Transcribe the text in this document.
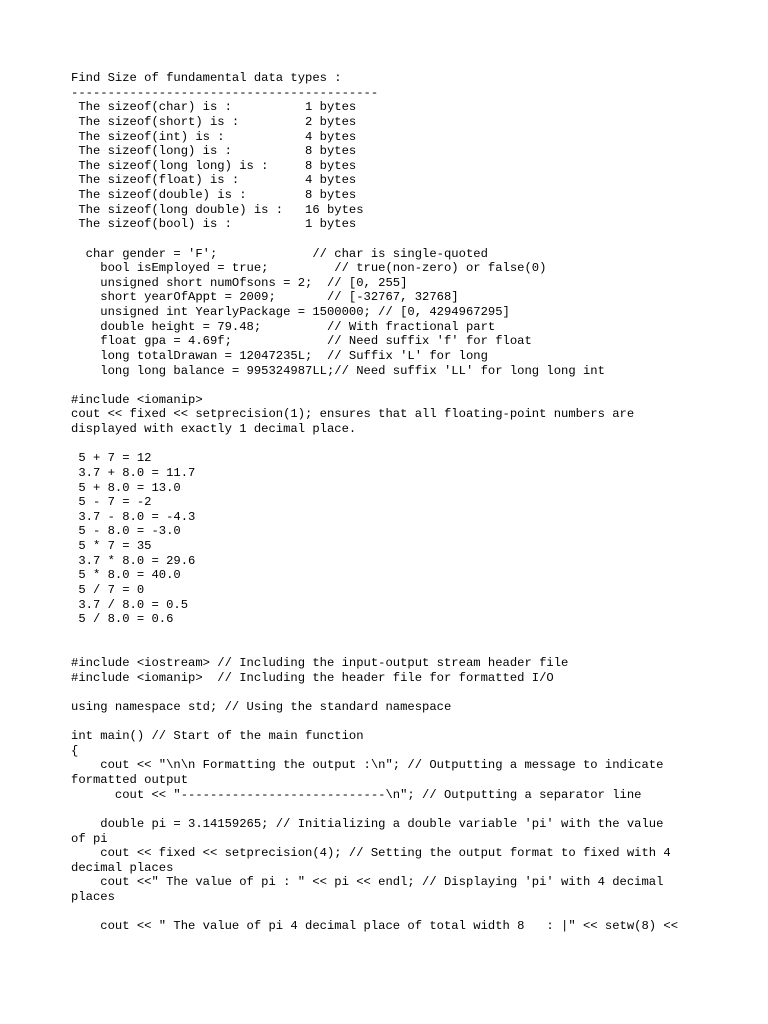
Find Size of fundamental data types :
------------------------------------------
The sizeof(char) is :          1 bytes
The sizeof(short) is :         2 bytes
The sizeof(int) is :           4 bytes
The sizeof(long) is :          8 bytes
The sizeof(long long) is :     8 bytes
The sizeof(float) is :         4 bytes
The sizeof(double) is :        8 bytes
The sizeof(long double) is :   16 bytes
The sizeof(bool) is :          1 bytes
char gender = 'F';             // char is single-quoted
bool isEmployed = true;         // true(non-zero) or false(0)
unsigned short numOfsons = 2;  // [0, 255]
short yearOfAppt = 2009;       // [-32767, 32768]
unsigned int YearlyPackage = 1500000; // [0, 4294967295]
double height = 79.48;         // With fractional part
float gpa = 4.69f;             // Need suffix 'f' for float
long totalDrawan = 12047235L;  // Suffix 'L' for long
long long balance = 995324987LL;// Need suffix 'LL' for long long int
#include <iomanip>
cout << fixed << setprecision(1); ensures that all floating-point numbers are
displayed with exactly 1 decimal place.
5 + 7 = 12
3.7 + 8.0 = 11.7
5 + 8.0 = 13.0
5 - 7 = -2
3.7 - 8.0 = -4.3
5 - 8.0 = -3.0
5 * 7 = 35
3.7 * 8.0 = 29.6
5 * 8.0 = 40.0
5 / 7 = 0
3.7 / 8.0 = 0.5
5 / 8.0 = 0.6
#include <iostream> // Including the input-output stream header file
#include <iomanip>  // Including the header file for formatted I/O
using namespace std; // Using the standard namespace
int main() // Start of the main function
{
cout << "\n\n Formatting the output :\n"; // Outputting a message to indicate
formatted output
cout << "----------------------------\n"; // Outputting a separator line
double pi = 3.14159265; // Initializing a double variable 'pi' with the value
of pi
cout << fixed << setprecision(4); // Setting the output format to fixed with 4
decimal places
cout <<" The value of pi : " << pi << endl; // Displaying 'pi' with 4 decimal
places
cout << " The value of pi 4 decimal place of total width 8   : |" << setw(8) <<
